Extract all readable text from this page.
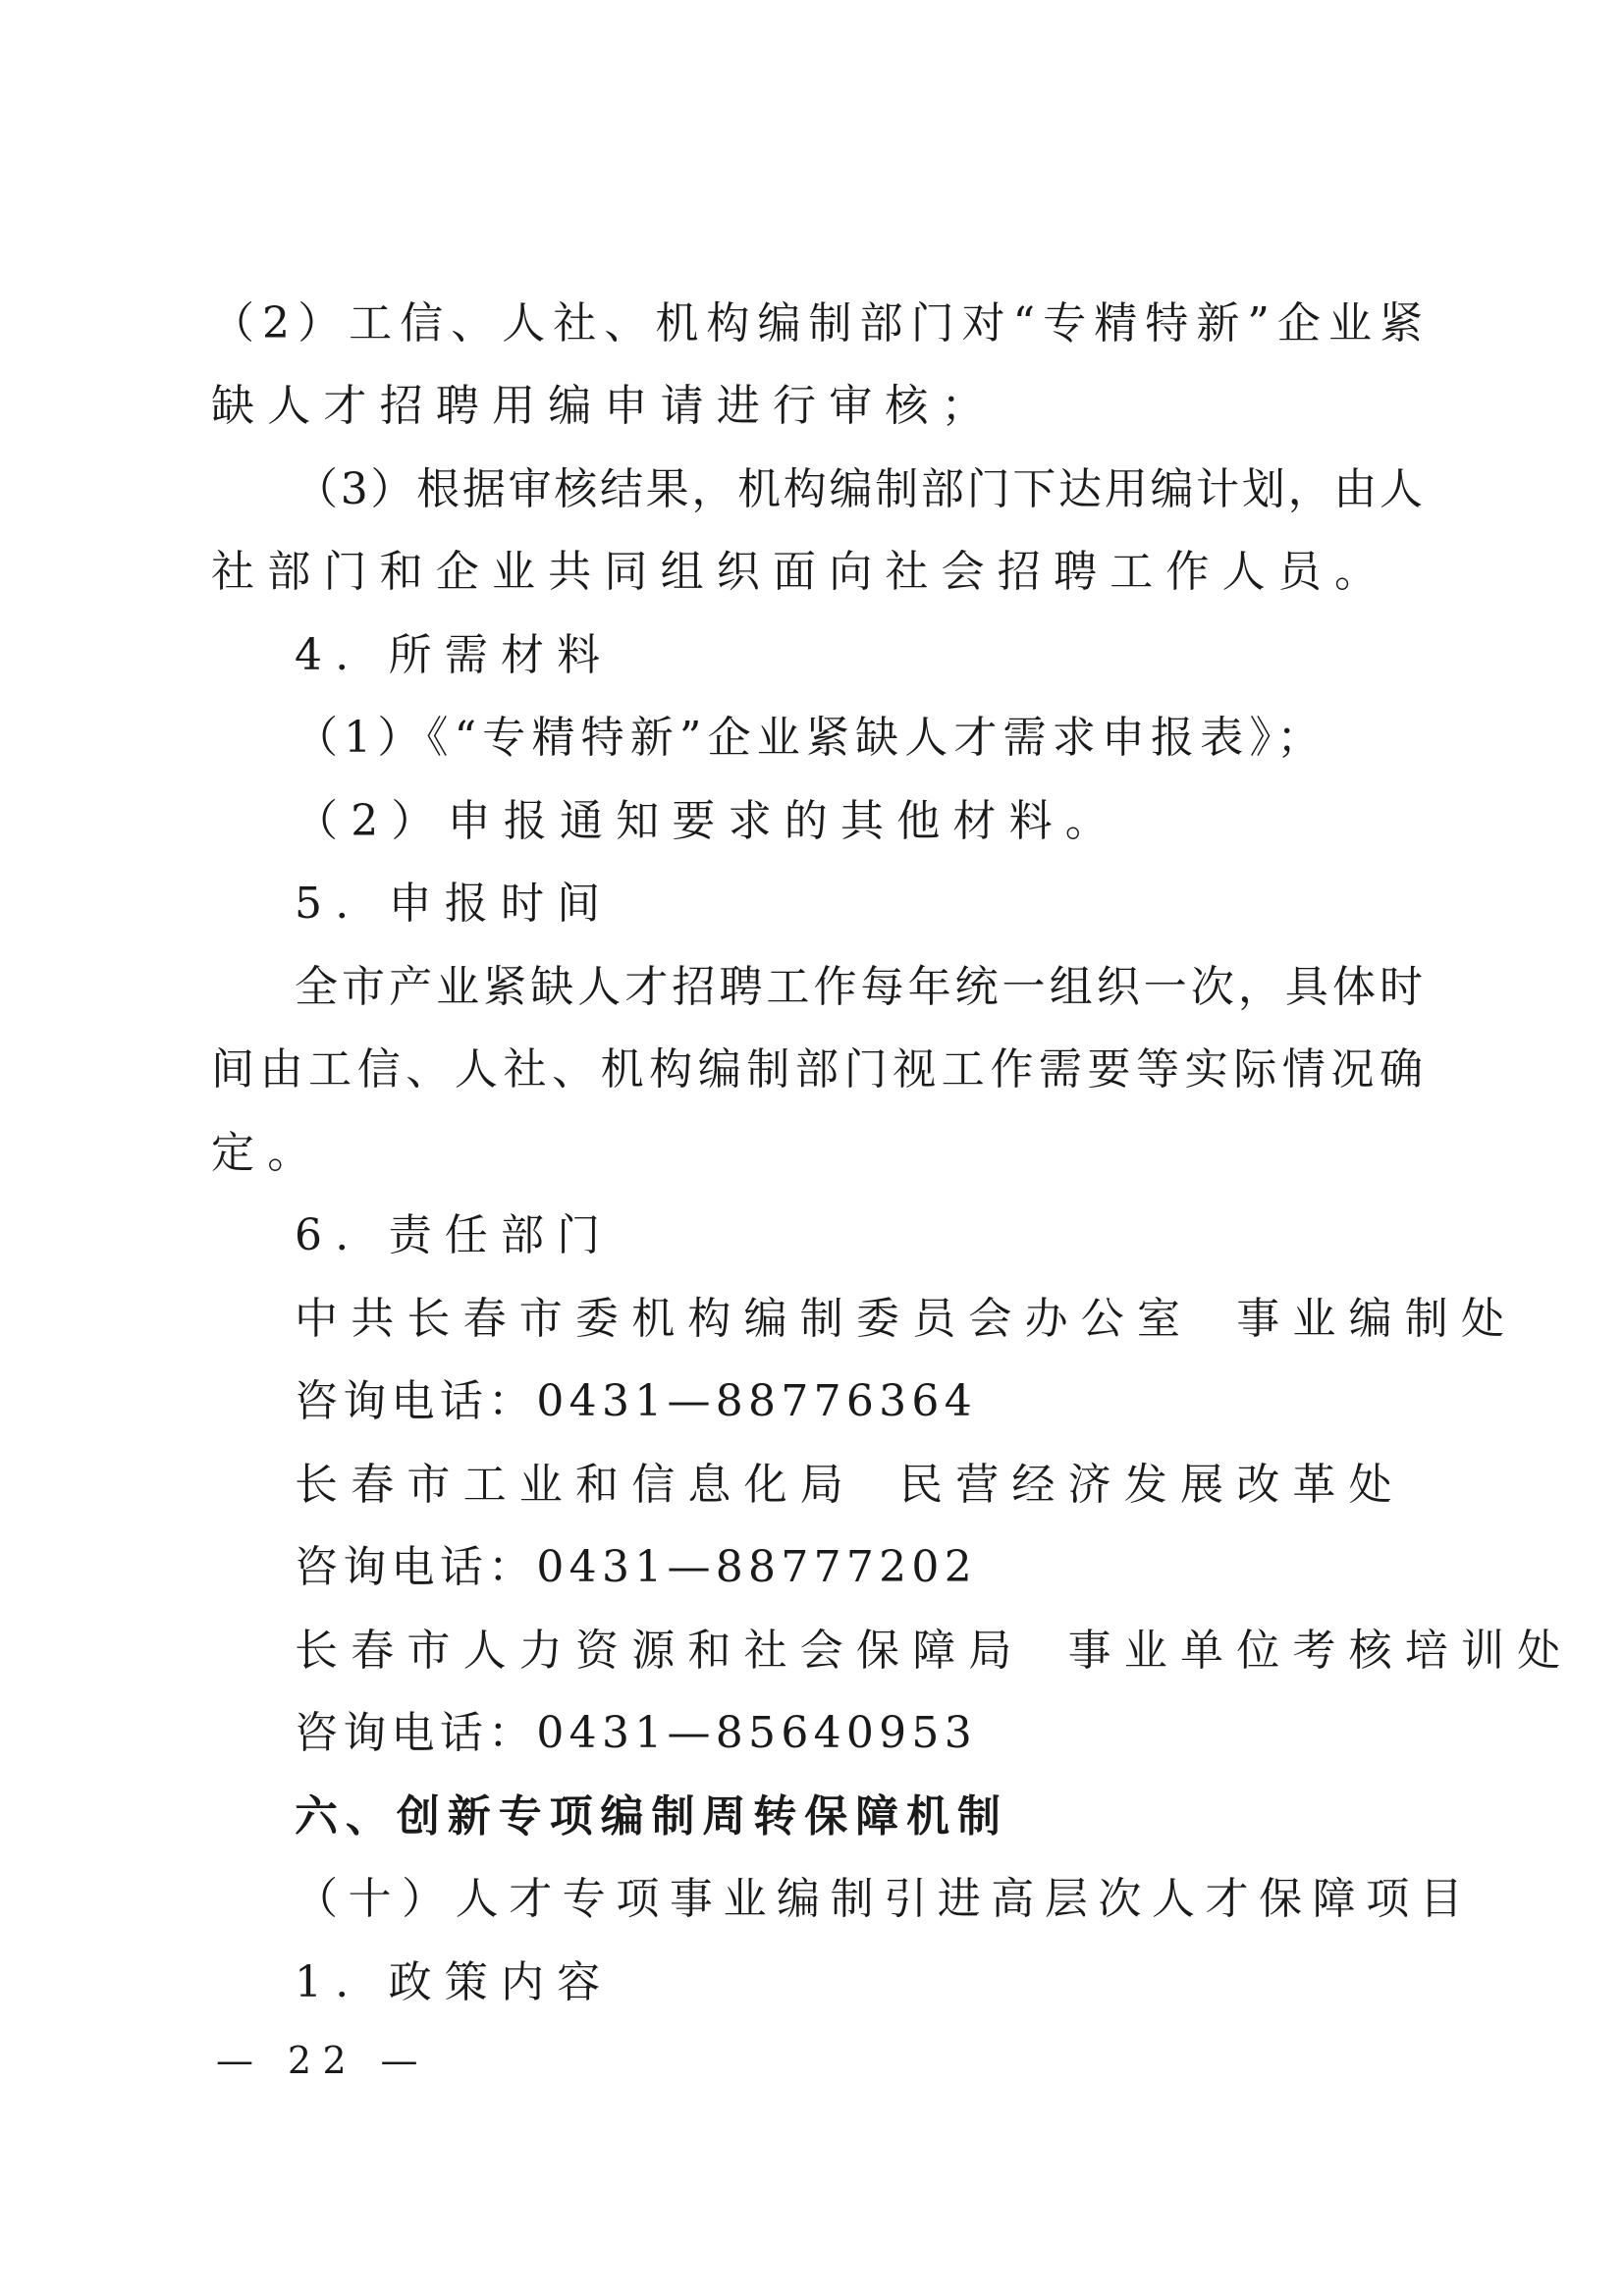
（2）工信、人社、机构编制部门对“专精特新”企业紧
缺人才招聘用编申请进行审核；
（3）根据审核结果，机构编制部门下达用编计划，由人
社部门和企业共同组织面向社会招聘工作人员。
4. 所需材料
（1）《“专精特新”企业紧缺人才需求申报表》；
（2）申报通知要求的其他材料。
5. 申报时间
全市产业紧缺人才招聘工作每年统一组织一次，具体时
间由工信、人社、机构编制部门视工作需要等实际情况确
定。
6. 责任部门
中共长春市委机构编制委员会办公室 事业编制处
咨询电话：0431—88776364
长春市工业和信息化局 民营经济发展改革处
咨询电话：0431—88777202
长春市人力资源和社会保障局 事业单位考核培训处
咨询电话：0431—85640953
六、创新专项编制周转保障机制
（十）人才专项事业编制引进高层次人才保障项目
1. 政策内容
— 22 —
